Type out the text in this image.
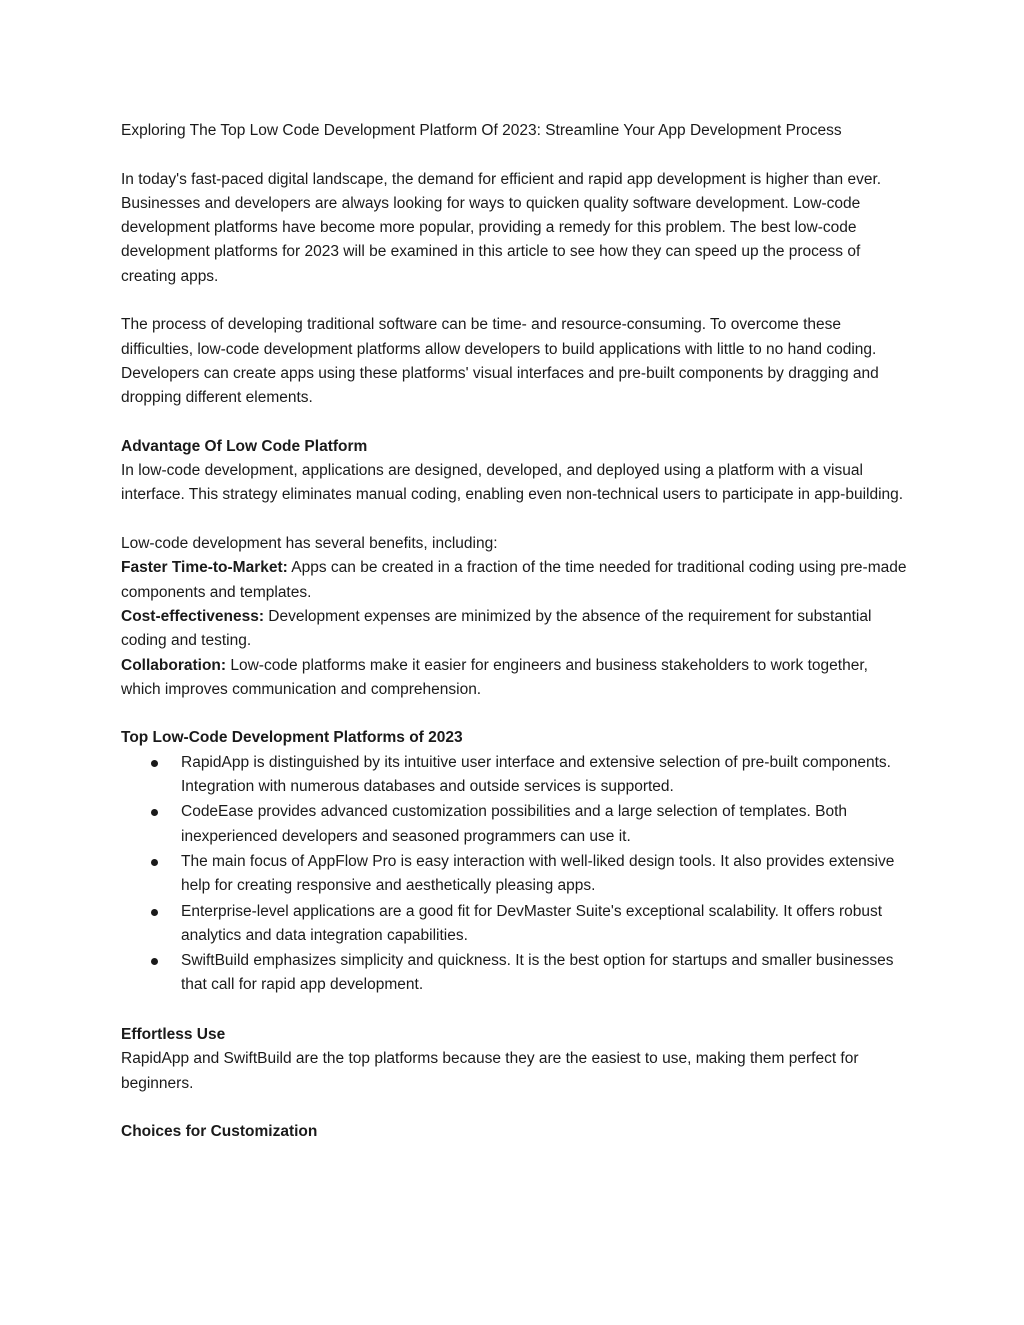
Exploring The Top Low Code Development Platform Of 2023: Streamline Your App Development Process

In today's fast-paced digital landscape, the demand for efficient and rapid app development is higher than ever. Businesses and developers are always looking for ways to quicken quality software development. Low-code development platforms have become more popular, providing a remedy for this problem. The best low-code development platforms for 2023 will be examined in this article to see how they can speed up the process of creating apps.

The process of developing traditional software can be time- and resource-consuming. To overcome these difficulties, low-code development platforms allow developers to build applications with little to no hand coding. Developers can create apps using these platforms' visual interfaces and pre-built components by dragging and dropping different elements.

Advantage Of Low Code Platform

In low-code development, applications are designed, developed, and deployed using a platform with a visual interface. This strategy eliminates manual coding, enabling even non-technical users to participate in app-building.

Low-code development has several benefits, including:

Faster Time-to-Market: Apps can be created in a fraction of the time needed for traditional coding using pre-made components and templates.

Cost-effectiveness: Development expenses are minimized by the absence of the requirement for substantial coding and testing.

Collaboration: Low-code platforms make it easier for engineers and business stakeholders to work together, which improves communication and comprehension.

Top Low-Code Development Platforms of 2023

RapidApp is distinguished by its intuitive user interface and extensive selection of pre-built components. Integration with numerous databases and outside services is supported.
CodeEase provides advanced customization possibilities and a large selection of templates. Both inexperienced developers and seasoned programmers can use it.
The main focus of AppFlow Pro is easy interaction with well-liked design tools. It also provides extensive help for creating responsive and aesthetically pleasing apps.
Enterprise-level applications are a good fit for DevMaster Suite's exceptional scalability. It offers robust analytics and data integration capabilities.
SwiftBuild emphasizes simplicity and quickness. It is the best option for startups and smaller businesses that call for rapid app development.

Effortless Use

RapidApp and SwiftBuild are the top platforms because they are the easiest to use, making them perfect for beginners.

Choices for Customization
